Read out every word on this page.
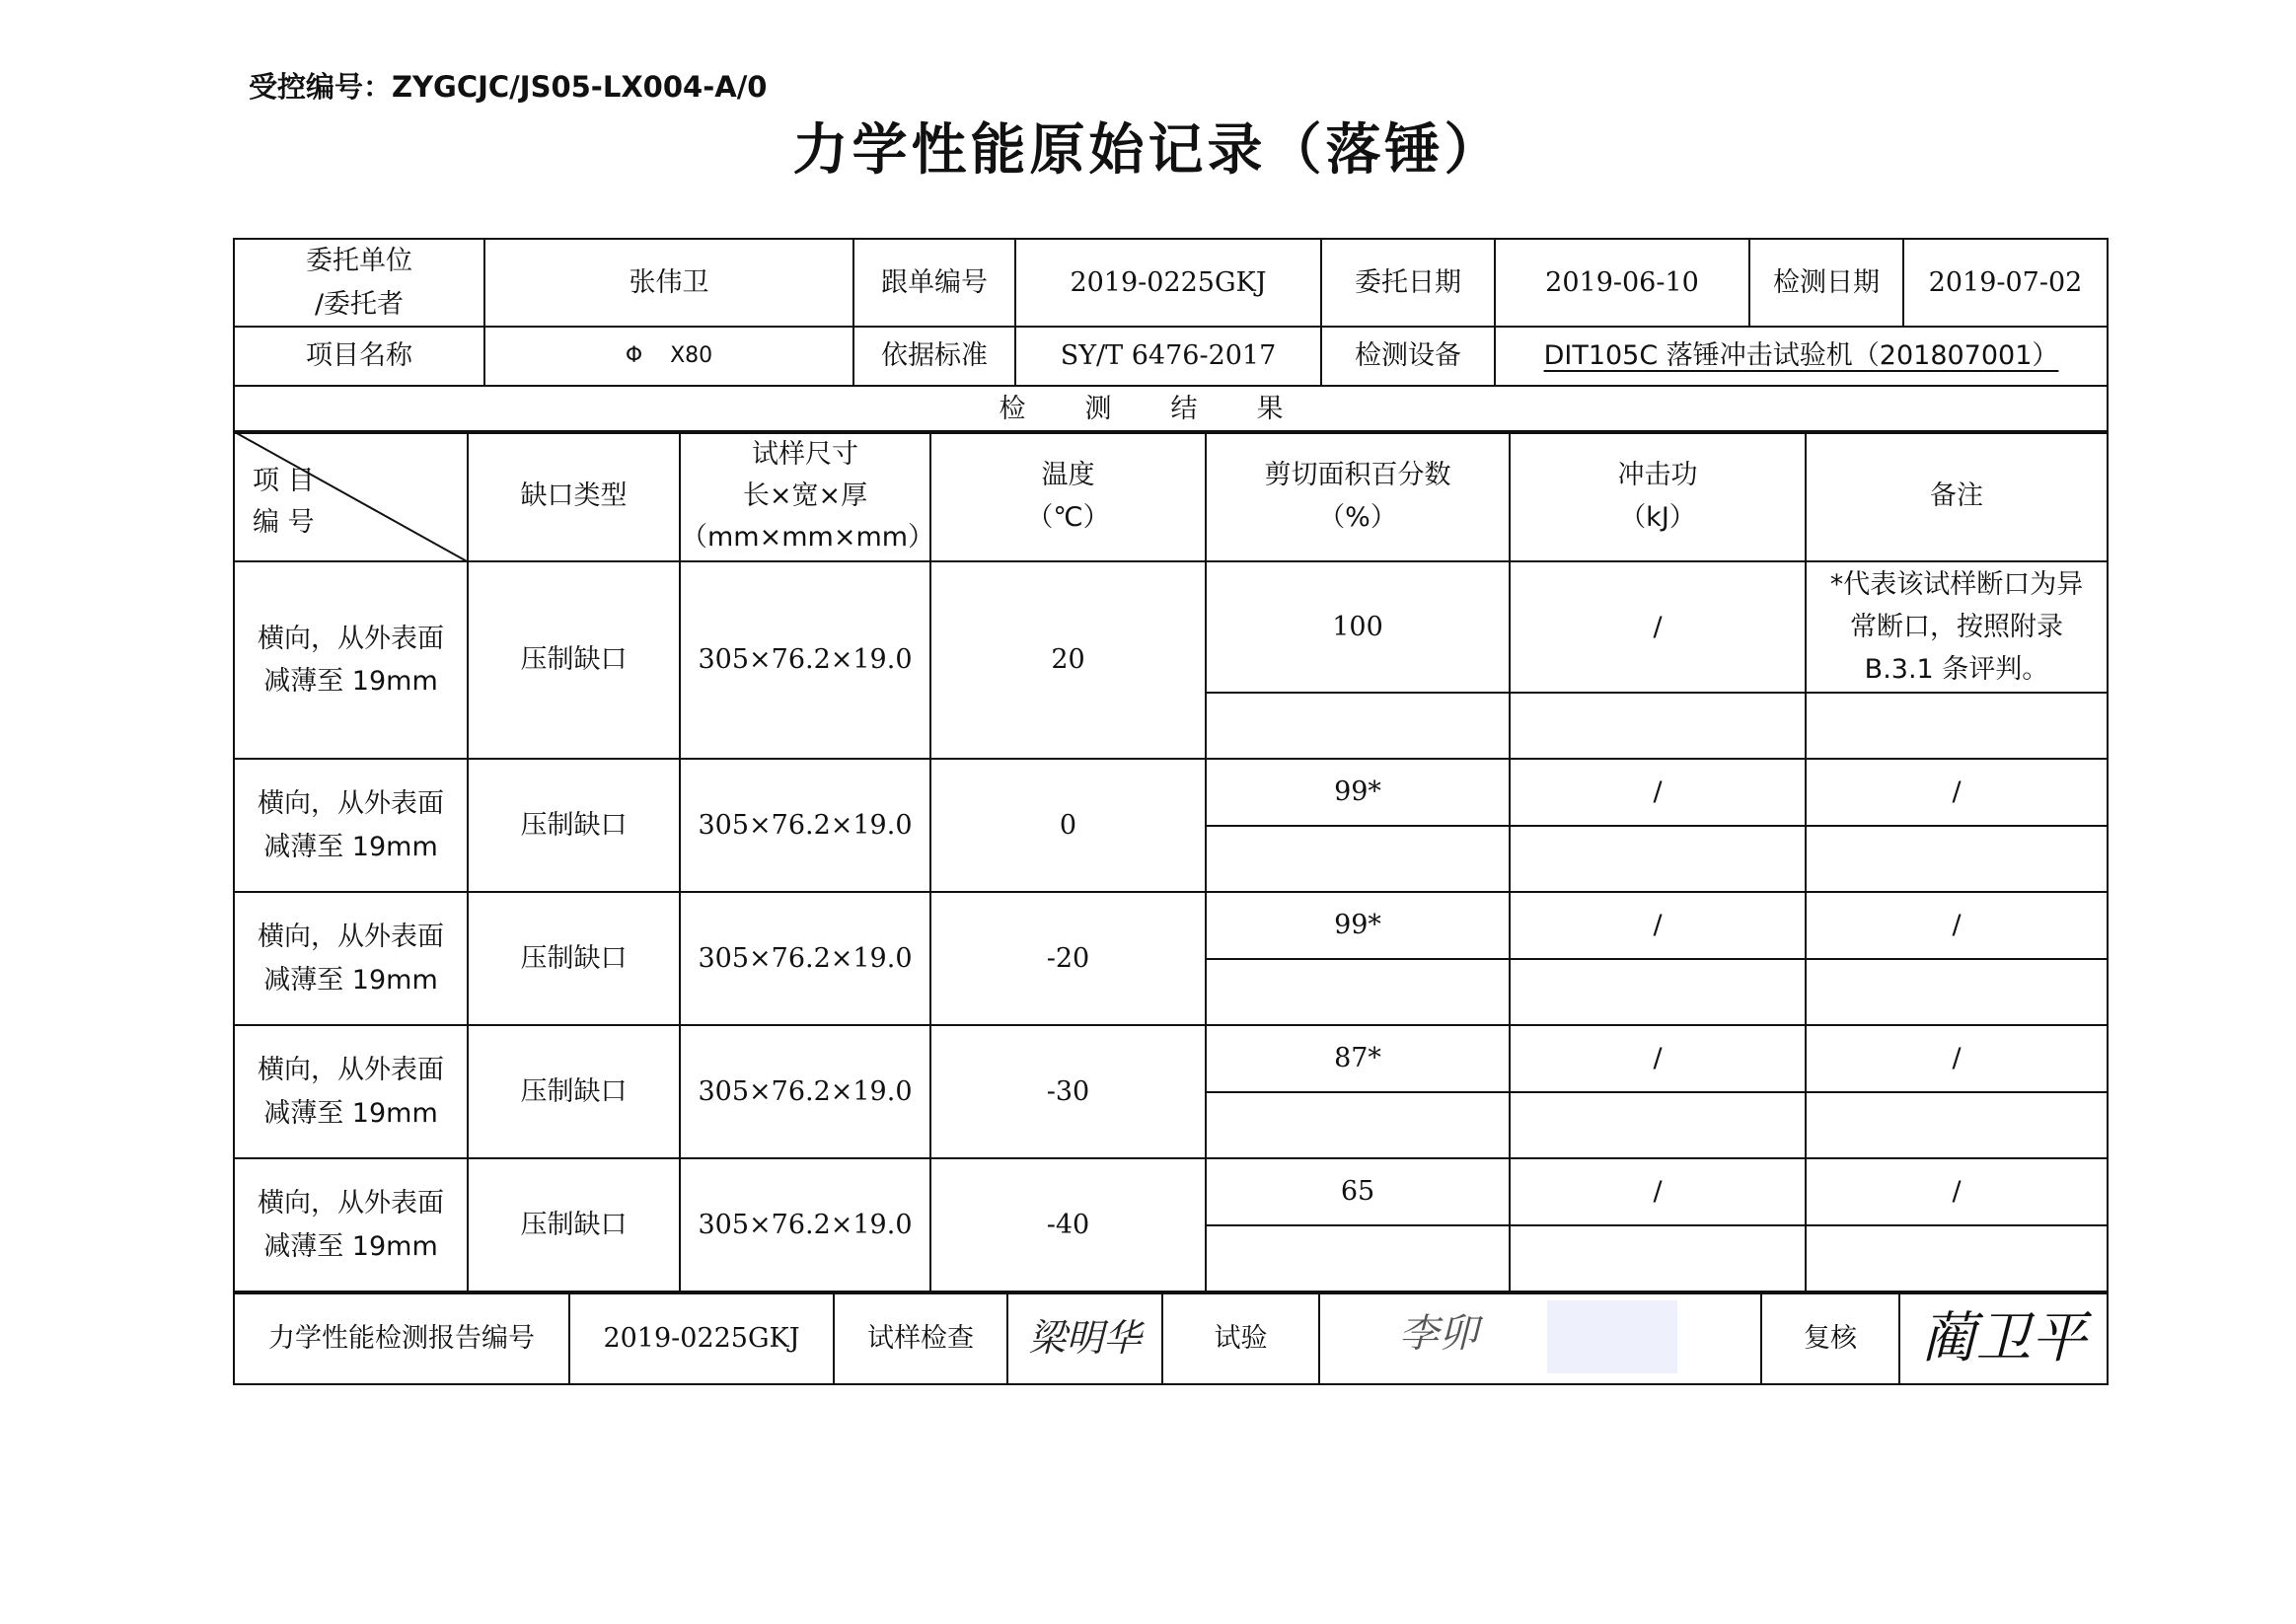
受控编号：ZYGCJC/JS05-LX004-A/0
力学性能原始记录（落锤）
委托单位
/委托者	张伟卫	跟单编号	2019-0225GKJ	委托日期	2019-06-10	检测日期	2019-07-02
项目名称	Φ    X80	依据标准	SY/T 6476-2017	检测设备	DIT105C 落锤冲击试验机（201807001）		
检测结果							
项 目
编 号	缺口类型	试样尺寸
长×宽×厚
（mm×mm×mm）	温度
（℃）	剪切面积百分数
（%）	冲击功
（kJ）	备注
横向，从外表面
减薄至 19mm	压制缺口	305×76.2×19.0	20	100	/	*代表该试样断口为异常断口，按照附录 B.3.1 条评判。

横向，从外表面
减薄至 19mm	压制缺口	305×76.2×19.0	0	99*	/	/

横向，从外表面
减薄至 19mm	压制缺口	305×76.2×19.0	-20	99*	/	/

横向，从外表面
减薄至 19mm	压制缺口	305×76.2×19.0	-30	87*	/	/

横向，从外表面
减薄至 19mm	压制缺口	305×76.2×19.0	-40	65	/	/

力学性能检测报告编号	2019-0225GKJ	试样检查	梁明华	试验	李卯	复核	蔺卫平
